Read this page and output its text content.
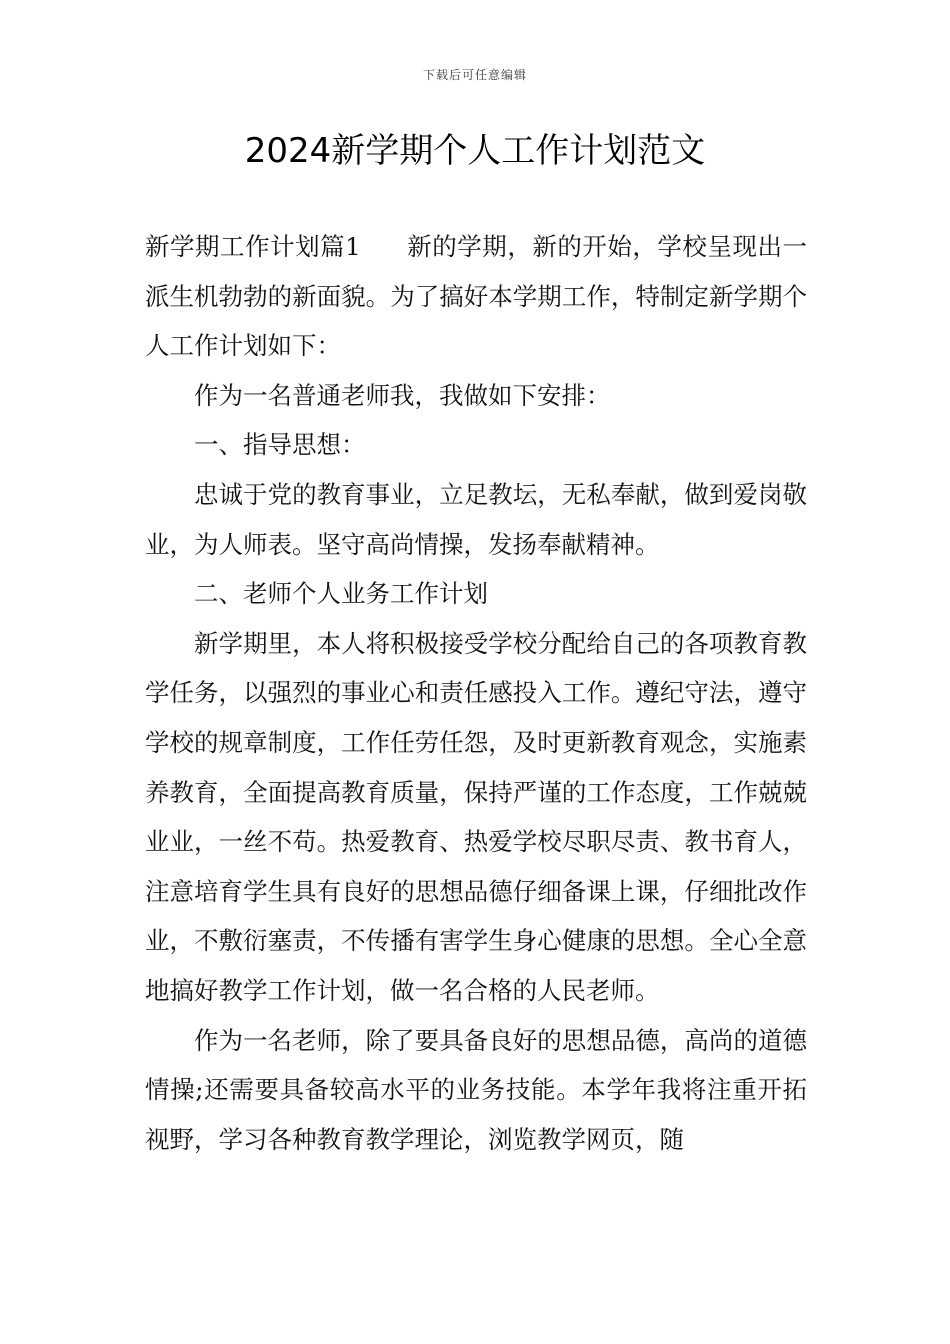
下载后可任意编辑
2024新学期个人工作计划范文

新学期工作计划篇1 新的学期，新的开始，学校呈现出一派生机勃勃的新面貌。为了搞好本学期工作，特制定新学期个人工作计划如下：

作为一名普通老师我，我做如下安排：

一、指导思想：

忠诚于党的教育事业，立足教坛，无私奉献，做到爱岗敬业，为人师表。坚守高尚情操，发扬奉献精神。

二、老师个人业务工作计划

新学期里，本人将积极接受学校分配给自己的各项教育教学任务，以强烈的事业心和责任感投入工作。遵纪守法，遵守学校的规章制度，工作任劳任怨，及时更新教育观念，实施素养教育，全面提高教育质量，保持严谨的工作态度，工作兢兢业业，一丝不苟。热爱教育、热爱学校尽职尽责、教书育人，注意培育学生具有良好的思想品德仔细备课上课，仔细批改作业，不敷衍塞责，不传播有害学生身心健康的思想。全心全意地搞好教学工作计划，做一名合格的人民老师。

作为一名老师，除了要具备良好的思想品德，高尚的道德情操;还需要具备较高水平的业务技能。本学年我将注重开拓视野，学习各种教育教学理论，浏览教学网页，随
